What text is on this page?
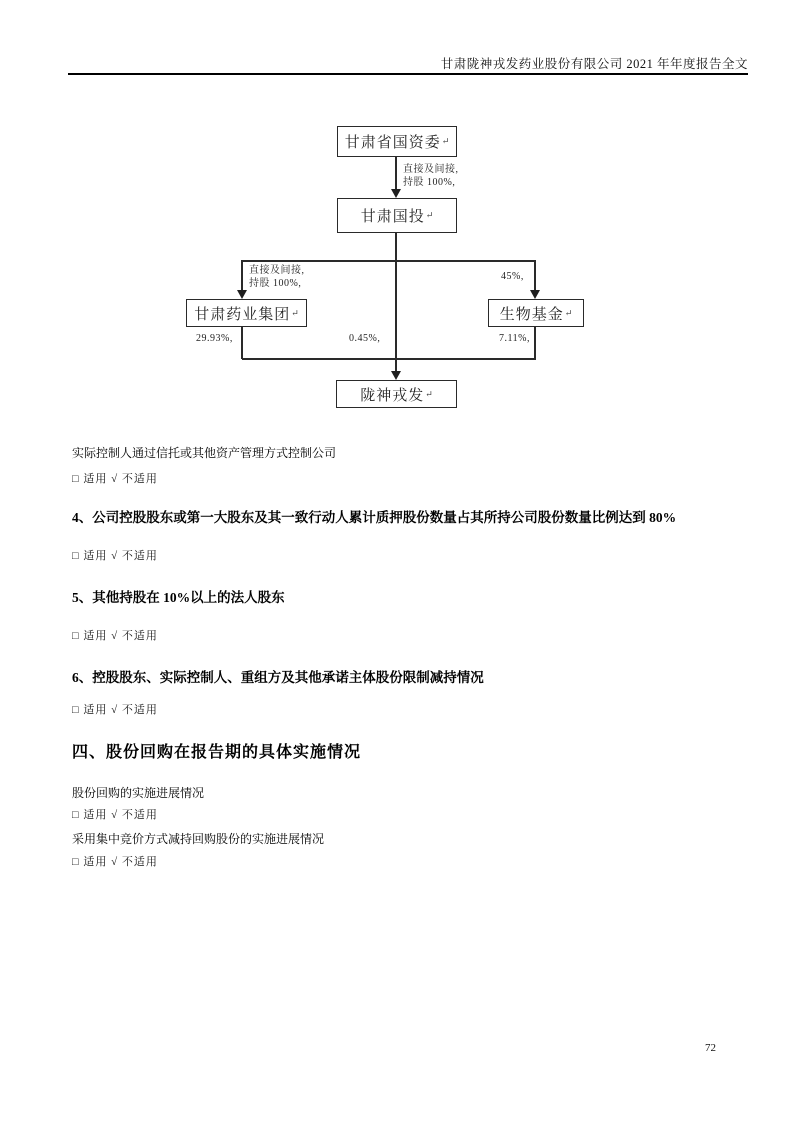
甘肃陇神戎发药业股份有限公司 2021 年年度报告全文
甘肃省国资委 ↵
甘肃国投 ↵
甘肃药业集团 ↵	生物基金 ↵
陇神戎发 ↵
直接及间接,
持股 100%,
直接及间接,
持股 100%,
45%,
29.93%,	0.45%,	7.11%,
实际控制人通过信托或其他资产管理方式控制公司
□ 适用 √ 不适用
4、公司控股股东或第一大股东及其一致行动人累计质押股份数量占其所持公司股份数量比例达到 80%
□ 适用 √ 不适用
5、其他持股在 10%以上的法人股东
□ 适用 √ 不适用
6、控股股东、实际控制人、重组方及其他承诺主体股份限制减持情况
□ 适用 √ 不适用
四、股份回购在报告期的具体实施情况
股份回购的实施进展情况
□ 适用 √ 不适用
采用集中竞价方式减持回购股份的实施进展情况
□ 适用 √ 不适用
72
